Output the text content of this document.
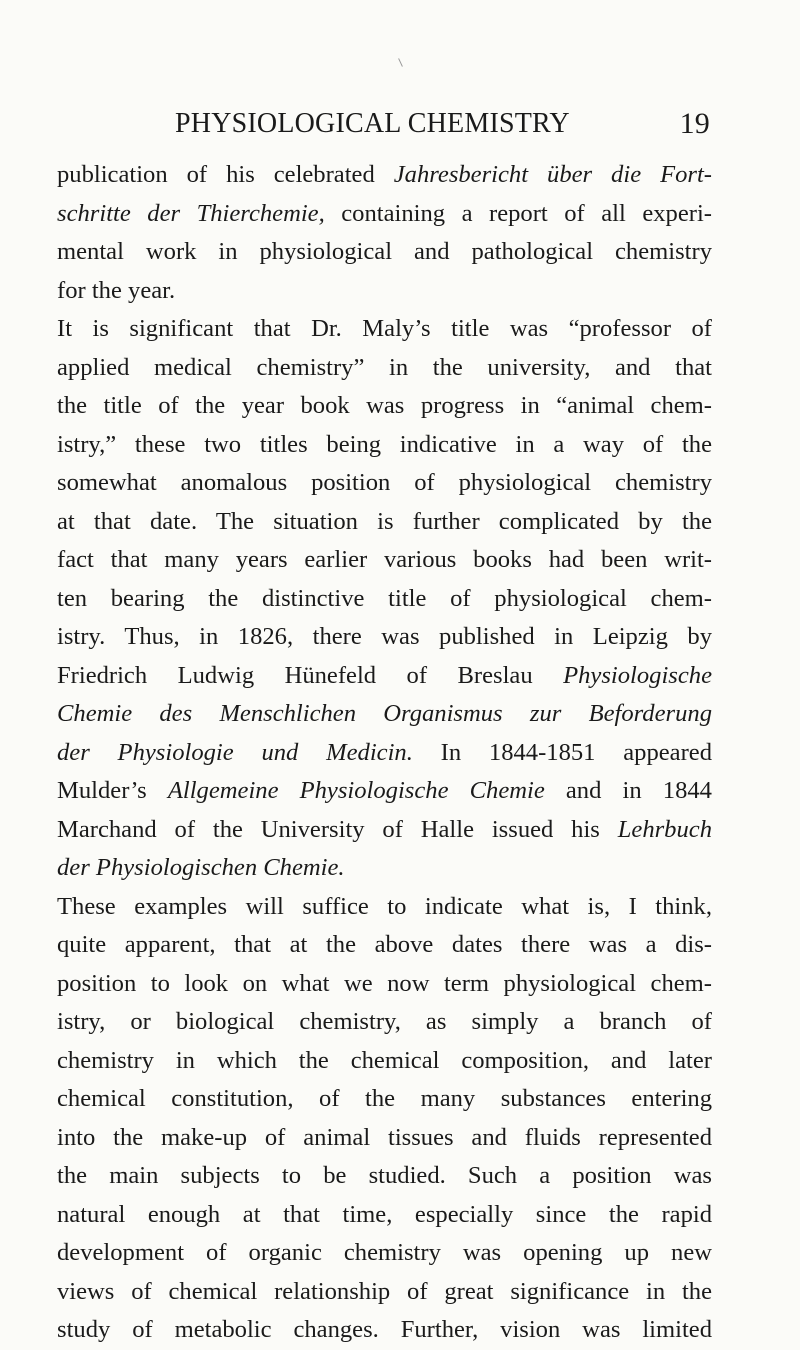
PHYSIOLOGICAL CHEMISTRY	19
publication of his celebrated Jahresbericht über die Fort-
schritte der Thierchemie, containing a report of all experi-
mental work in physiological and pathological chemistry
for the year.
It is significant that Dr. Maly’s title was “professor of
applied medical chemistry” in the university, and that
the title of the year book was progress in “animal chem-
istry,” these two titles being indicative in a way of the
somewhat anomalous position of physiological chemistry
at that date. The situation is further complicated by the
fact that many years earlier various books had been writ-
ten bearing the distinctive title of physiological chem-
istry. Thus, in 1826, there was published in Leipzig by
Friedrich Ludwig Hünefeld of Breslau Physiologische
Chemie des Menschlichen Organismus zur Beforderung
der Physiologie und Medicin. In 1844-1851 appeared
Mulder’s Allgemeine Physiologische Chemie and in 1844
Marchand of the University of Halle issued his Lehrbuch
der Physiologischen Chemie.
These examples will suffice to indicate what is, I think,
quite apparent, that at the above dates there was a dis-
position to look on what we now term physiological chem-
istry, or biological chemistry, as simply a branch of
chemistry in which the chemical composition, and later
chemical constitution, of the many substances entering
into the make-up of animal tissues and fluids represented
the main subjects to be studied. Such a position was
natural enough at that time, especially since the rapid
development of organic chemistry was opening up new
views of chemical relationship of great significance in the
study of metabolic changes. Further, vision was limited
